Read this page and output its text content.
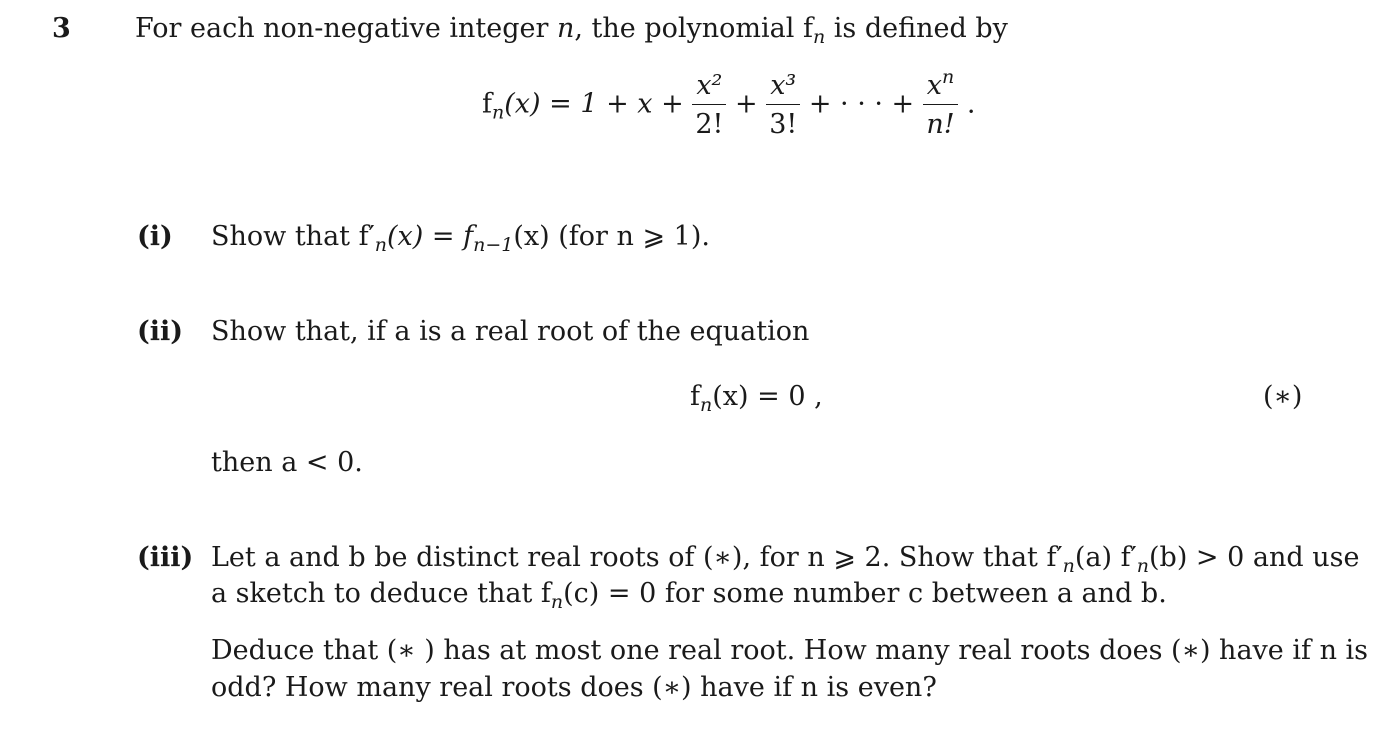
3 For each non-negative integer n, the polynomial $f_n$ is defined by
$f_n(x) = 1 + x + \frac{\text{x²}}{2!} + \frac{\text{x³}}{3!}$ + · · · + $\frac{x^n}{n!}$ .
(i) Show that $f'_n(x) = f_{n-1}(x)$ (for n ⩾ 1).
(ii) Show that, if a is a real root of the equation
$f_n(x) = 0$ ,	(∗)
then a < 0.
(iii) Let a and b be distinct real roots of (∗), for n ⩾ 2. Show that $f'_n(a) f'_n(b) > 0$ and use
a sketch to deduce that $f_n(c) = 0$ for some number c between a and b.
Deduce that (∗ ) has at most one real root. How many real roots does (∗) have if n is
odd? How many real roots does (∗) have if n is even?
